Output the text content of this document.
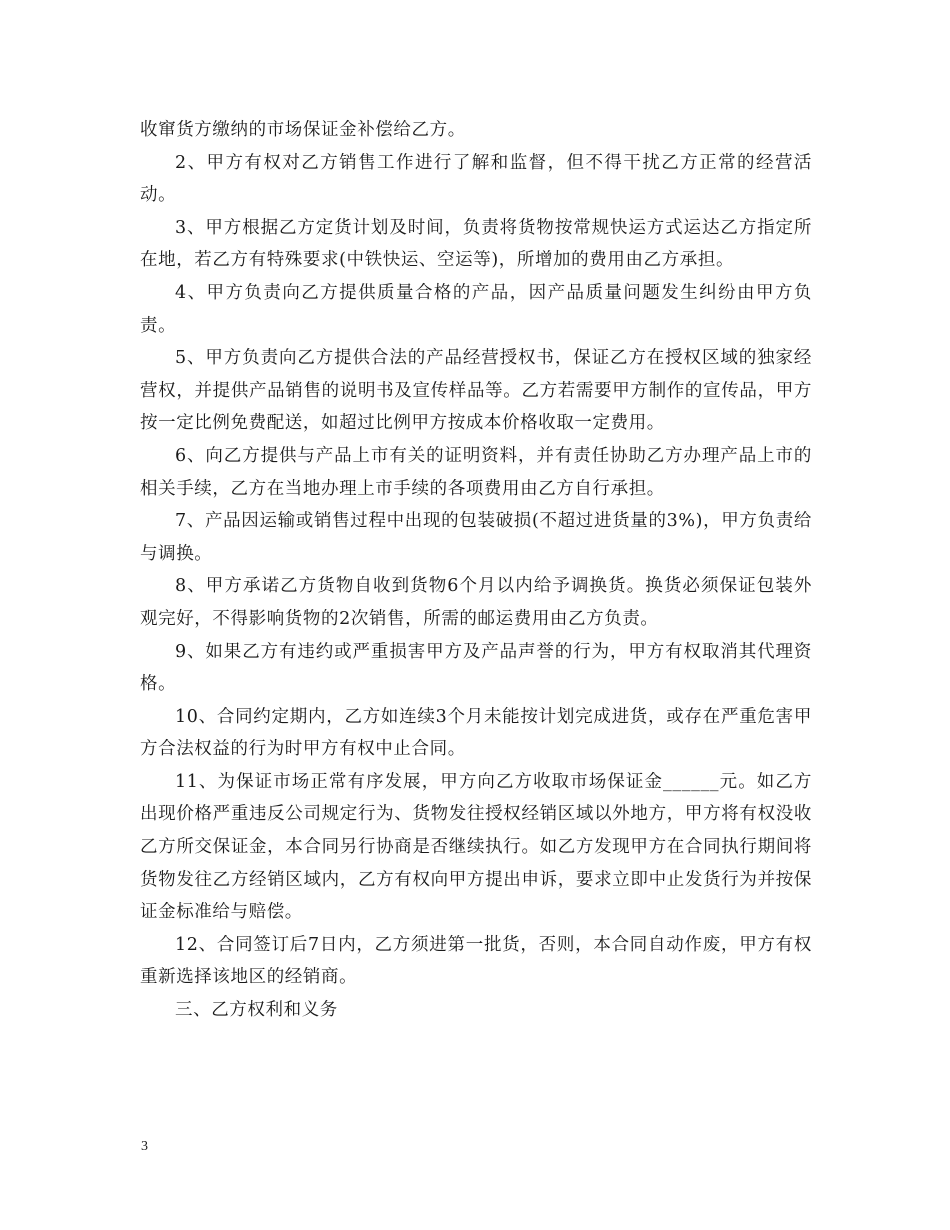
收窜货方缴纳的市场保证金补偿给乙方。

2、甲方有权对乙方销售工作进行了解和监督，但不得干扰乙方正常的经营活动。

3、甲方根据乙方定货计划及时间，负责将货物按常规快运方式运达乙方指定所在地，若乙方有特殊要求(中铁快运、空运等)，所增加的费用由乙方承担。

4、甲方负责向乙方提供质量合格的产品，因产品质量问题发生纠纷由甲方负责。

5、甲方负责向乙方提供合法的产品经营授权书，保证乙方在授权区域的独家经营权，并提供产品销售的说明书及宣传样品等。乙方若需要甲方制作的宣传品，甲方按一定比例免费配送，如超过比例甲方按成本价格收取一定费用。

6、向乙方提供与产品上市有关的证明资料，并有责任协助乙方办理产品上市的相关手续，乙方在当地办理上市手续的各项费用由乙方自行承担。

7、产品因运输或销售过程中出现的包装破损(不超过进货量的3%)，甲方负责给与调换。

8、甲方承诺乙方货物自收到货物6个月以内给予调换货。换货必须保证包装外观完好，不得影响货物的2次销售，所需的邮运费用由乙方负责。

9、如果乙方有违约或严重损害甲方及产品声誉的行为，甲方有权取消其代理资格。

10、合同约定期内，乙方如连续3个月未能按计划完成进货，或存在严重危害甲方合法权益的行为时甲方有权中止合同。

11、为保证市场正常有序发展，甲方向乙方收取市场保证金______元。如乙方出现价格严重违反公司规定行为、货物发往授权经销区域以外地方，甲方将有权没收乙方所交保证金，本合同另行协商是否继续执行。如乙方发现甲方在合同执行期间将货物发往乙方经销区域内，乙方有权向甲方提出申诉，要求立即中止发货行为并按保证金标准给与赔偿。

12、合同签订后7日内，乙方须进第一批货，否则，本合同自动作废，甲方有权重新选择该地区的经销商。

三、乙方权利和义务

3
